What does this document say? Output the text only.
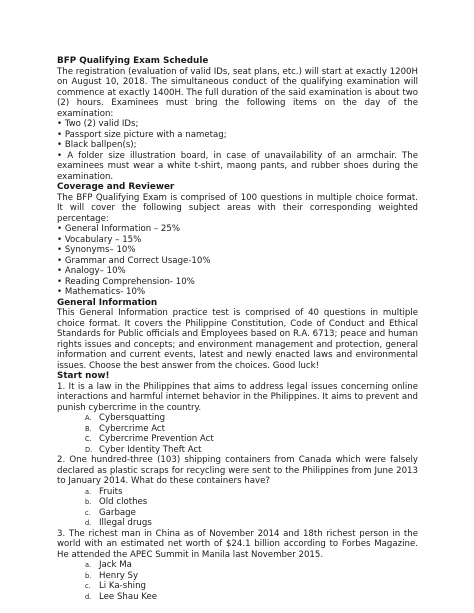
BFP Qualifying Exam Schedule

The registration (evaluation of valid IDs, seat plans, etc.) will start at exactly 1200H on August 10, 2018. The simultaneous conduct of the qualifying examination will commence at exactly 1400H. The full duration of the said examination is about two (2) hours. Examinees must bring the following items on the day of the examination:

• Two (2) valid IDs;
• Passport size picture with a nametag;
• Black ballpen(s);
• A folder size illustration board, in case of unavailability of an armchair. The examinees must wear a white t-shirt, maong pants, and rubber shoes during the examination.
Coverage and Reviewer

The BFP Qualifying Exam is comprised of 100 questions in multiple choice format. It will cover the following subject areas with their corresponding weighted percentage:

• General Information – 25%
• Vocabulary – 15%
• Synonyms– 10%
• Grammar and Correct Usage-10%
• Analogy– 10%
• Reading Comprehension- 10%
• Mathematics- 10%
General Information

This General Information practice test is comprised of 40 questions in multiple choice format. It covers the Philippine Constitution, Code of Conduct and Ethical Standards for Public officials and Employees based on R.A. 6713; peace and human rights issues and concepts; and environment management and protection, general information and current events, latest and newly enacted laws and environmental issues. Choose the best answer from the choices. Good luck!

Start now!

1. It is a law in the Philippines that aims to address legal issues concerning online interactions and harmful internet behavior in the Philippines. It aims to prevent and punish cybercrime in the country.

A. Cybersquatting
B. Cybercrime Act
C. Cybercrime Prevention Act
D. Cyber Identity Theft Act

2. One hundred-three (103) shipping containers from Canada which were falsely declared as plastic scraps for recycling were sent to the Philippines from June 2013 to January 2014. What do these containers have?

a. Fruits
b. Old clothes
c. Garbage
d. Illegal drugs

3. The richest man in China as of November 2014 and 18th richest person in the world with an estimated net worth of $24.1 billion according to Forbes Magazine. He attended the APEC Summit in Manila last November 2015.

a. Jack Ma
b. Henry Sy
c. Li Ka-shing
d. Lee Shau Kee
